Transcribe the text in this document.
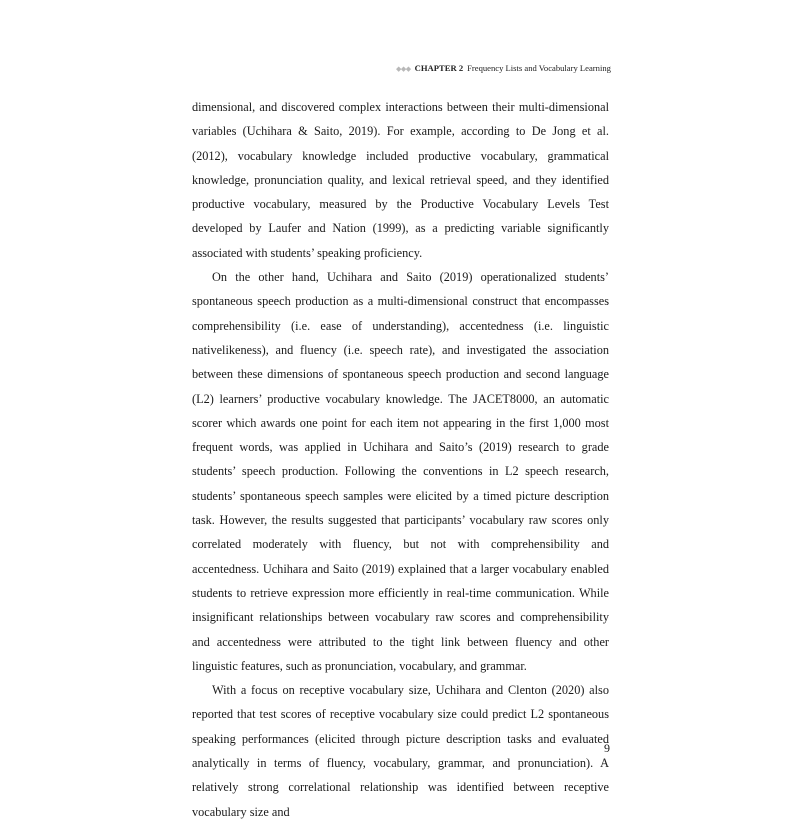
◆◆◆ CHAPTER 2 Frequency Lists and Vocabulary Learning

dimensional, and discovered complex interactions between their multi-dimensional variables (Uchihara & Saito, 2019). For example, according to De Jong et al. (2012), vocabulary knowledge included productive vocabulary, grammatical knowledge, pronunciation quality, and lexical retrieval speed, and they identified productive vocabulary, measured by the Productive Vocabulary Levels Test developed by Laufer and Nation (1999), as a predicting variable significantly associated with students’ speaking proficiency.

On the other hand, Uchihara and Saito (2019) operationalized students’ spontaneous speech production as a multi-dimensional construct that encompasses comprehensibility (i.e. ease of understanding), accentedness (i.e. linguistic nativelikeness), and fluency (i.e. speech rate), and investigated the association between these dimensions of spontaneous speech production and second language (L2) learners’ productive vocabulary knowledge. The JACET8000, an automatic scorer which awards one point for each item not appearing in the first 1,000 most frequent words, was applied in Uchihara and Saito’s (2019) research to grade students’ speech production. Following the conventions in L2 speech research, students’ spontaneous speech samples were elicited by a timed picture description task. However, the results suggested that participants’ vocabulary raw scores only correlated moderately with fluency, but not with comprehensibility and accentedness. Uchihara and Saito (2019) explained that a larger vocabulary enabled students to retrieve expression more efficiently in real-time communication. While insignificant relationships between vocabulary raw scores and comprehensibility and accentedness were attributed to the tight link between fluency and other linguistic features, such as pronunciation, vocabulary, and grammar.

With a focus on receptive vocabulary size, Uchihara and Clenton (2020) also reported that test scores of receptive vocabulary size could predict L2 spontaneous speaking performances (elicited through picture description tasks and evaluated analytically in terms of fluency, vocabulary, grammar, and pronunciation). A relatively strong correlational relationship was identified between receptive vocabulary size and

9
